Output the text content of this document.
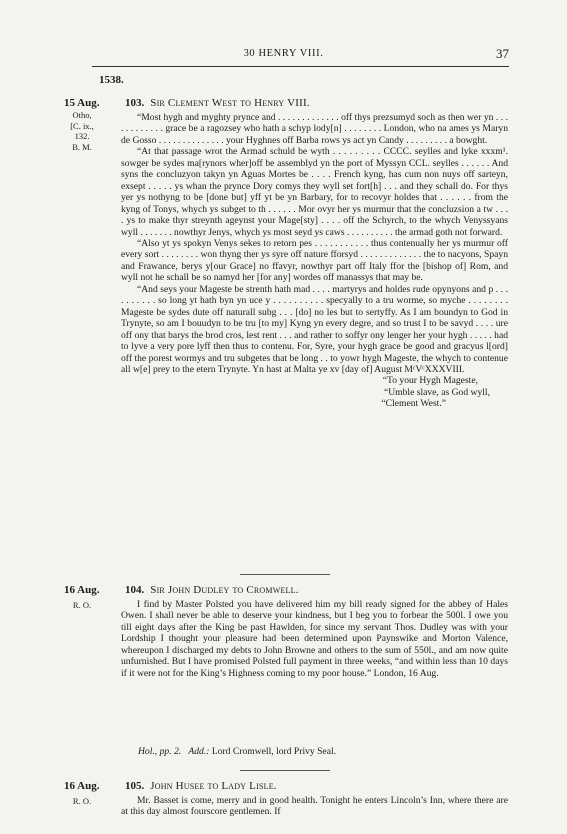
30 HENRY VIII.	37
1538.
15 Aug.
Otho,
[C. ix., 132.
B. M.
103. Sir Clement West to Henry VIII.

“Most hygh and myghty prynce and . . . . . . . . . . . . . off thys prezsumyd soch as then wer yn . . . . . . . . . . . . grace be a ragozsey who hath a schyp lody[n] . . . . . . . . London, who na ames ys Maryn de Gosso . . . . . . . . . . . . . . your Hyghnes off Barba rows ys act yn Candy . . . . . . . . . a bowght.

“At that passage wrot the Armad schuld be wyth . . . . . . . . . CCCC. seylles and lyke xxxm¹. sowger be sydes ma[rynors wher]off be assemblyd yn the port of Myssyn CCL. seylles . . . . . . And syns the concluzyon takyn yn Aguas Mortes be . . . . French kyng, has cum non nuys off sarteyn, exsept . . . . . ys whan the prynce Dory comys they wyll set fort[h] . . . and they schall do. For thys yer ys nothyng to be [done but] yff yt be yn Barbary, for to recovyr holdes that . . . . . . from the kyng of Tonys, whych ys subget to th . . . . . . Mor ovyr her ys murmur that the concluzsion a tw . . . . ys to make thyr streynth ageynst your Mage[sty] . . . . off the Schyrch, to the whych Venyssyans wyll . . . . . . . nowthyr Jenys, whych ys most seyd ys caws . . . . . . . . . . the armad goth not forward.

“Also yt ys spokyn Venys sekes to retorn pes . . . . . . . . . . . thus contenually her ys murmur off every sort . . . . . . . . won thyng ther ys syre off nature fforsyd . . . . . . . . . . . . . the to nacyons, Spayn and Frawance, berys y[our Grace] no ffavyr, nowthyr part off Italy ffor the [bishop of] Rom, and wyll not he schall be so namyd her [for any] wordes off manassys that may be.

“And seys your Mageste be strenth hath mad . . . . martyrys and holdes rude opynyons and p . . . . . . . . . . so long yt hath byn yn uce y . . . . . . . . . . specyally to a tru worme, so myche . . . . . . . . Mageste be sydes dute off naturall subg . . . [do] no les but to sertyffy. As I am boundyn to God in Trynyte, so am I bouudyn to be tru [to my] Kyng yn every degre, and so trust I to be savyd . . . . ure off ony that barys the brod cros, lest rent . . . and rather to soffyr ony lenger her your hygh . . . . . had to lyve a very pore lyff then thus to contenu. For, Syre, your hygh grace be good and gracyus l[ord] off the porest wormys and tru subgetes that be long . . to yowr hygh Mageste, the whych to contenue all w[e] prey to the etern Trynyte. Yn hast at Malta ye xv [day of] August MᶜVᶜXXXVIII.

“To your Hygh Mageste,

“Umble slave, as God wyll,

“Clement West.”

16 Aug.
R. O.
104. Sir John Dudley to Cromwell.

I find by Master Polsted you have delivered him my bill ready signed for the abbey of Hales Owen. I shall never be able to deserve your kindness, but I beg you to forbear the 500l. I owe you till eight days after the King be past Hawlden, for since my servant Thos. Dudley was with your Lordship I thought your pleasure had been determined upon Paynswike and Morton Valence, whereupon I discharged my debts to John Browne and others to the sum of 550l., and am now quite unfurnished. But I have promised Polsted full payment in three weeks, “and within less than 10 days if it were not for the King’s Highness coming to my poor house.” London, 16 Aug.

Hol., pp. 2. Add.: Lord Cromwell, lord Privy Seal.
16 Aug.
R. O.
105. John Husee to Lady Lisle.

Mr. Basset is come, merry and in good health. Tonight he enters Lincoln’s Inn, where there are at this day almost fourscore gentlemen. If
